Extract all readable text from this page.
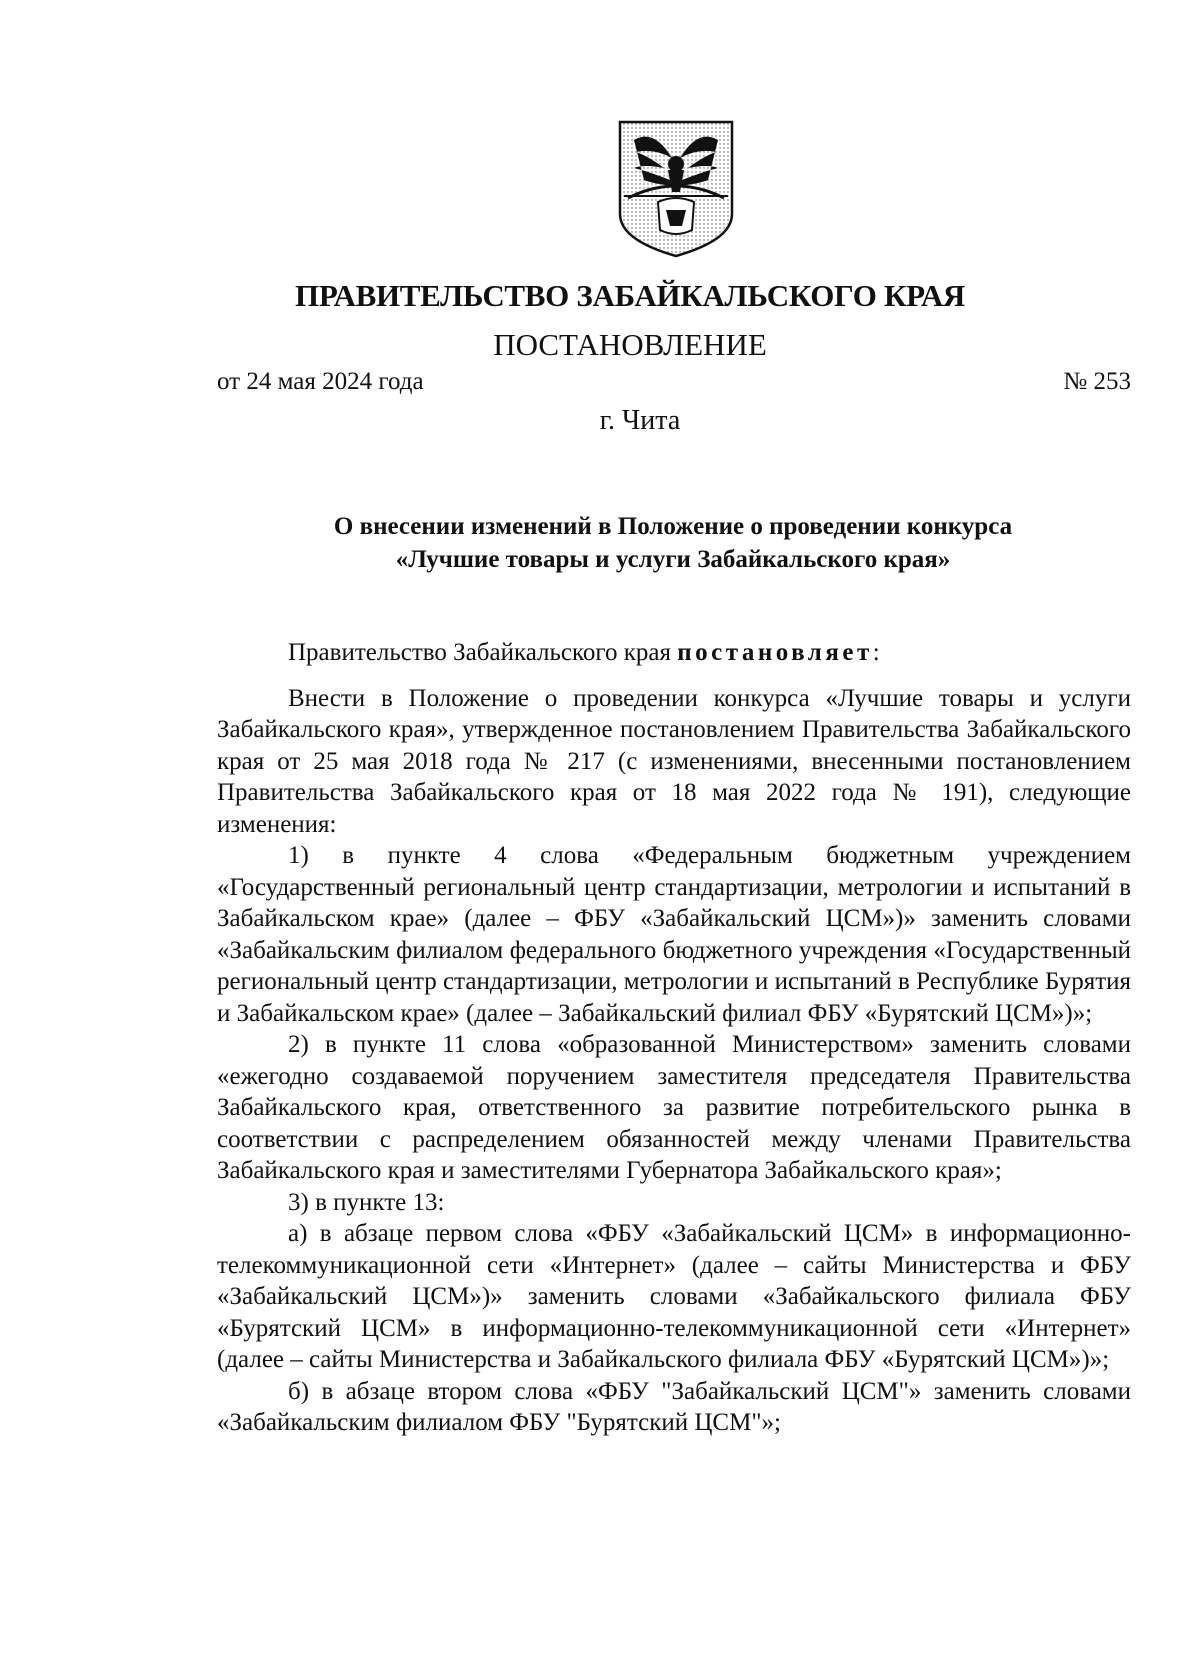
ПРАВИТЕЛЬСТВО ЗАБАЙКАЛЬСКОГО КРАЯ
ПОСТАНОВЛЕНИЕ
от 24 мая 2024 года	№ 253
г. Чита
О внесении изменений в Положение о проведении конкурса
«Лучшие товары и услуги Забайкальского края»

Правительство Забайкальского края постановляет:

Внести в Положение о проведении конкурса «Лучшие товары и услуги Забайкальского края», утвержденное постановлением Правительства Забайкальского края от 25 мая 2018 года № 217 (с изменениями, внесенными постановлением Правительства Забайкальского края от 18 мая 2022 года № 191), следующие изменения:

1) в пункте 4 слова «Федеральным бюджетным учреждением «Государственный региональный центр стандартизации, метрологии и испытаний в Забайкальском крае» (далее – ФБУ «Забайкальский ЦСМ»)» заменить словами «Забайкальским филиалом федерального бюджетного учреждения «Государственный региональный центр стандартизации, метрологии и испытаний в Республике Бурятия и Забайкальском крае» (далее – Забайкальский филиал ФБУ «Бурятский ЦСМ»)»;

2) в пункте 11 слова «образованной Министерством» заменить словами «ежегодно создаваемой поручением заместителя председателя Правительства Забайкальского края, ответственного за развитие потребительского рынка в соответствии с распределением обязанностей между членами Правительства Забайкальского края и заместителями Губернатора Забайкальского края»;

3) в пункте 13:

а) в абзаце первом слова «ФБУ «Забайкальский ЦСМ» в информационно-телекоммуникационной сети «Интернет» (далее – сайты Министерства и ФБУ «Забайкальский ЦСМ»)» заменить словами «Забайкальского филиала ФБУ «Бурятский ЦСМ» в информационно-телекоммуникационной сети «Интернет» (далее – сайты Министерства и Забайкальского филиала ФБУ «Бурятский ЦСМ»)»;

б) в абзаце втором слова «ФБУ "Забайкальский ЦСМ"» заменить словами «Забайкальским филиалом ФБУ "Бурятский ЦСМ"»;
